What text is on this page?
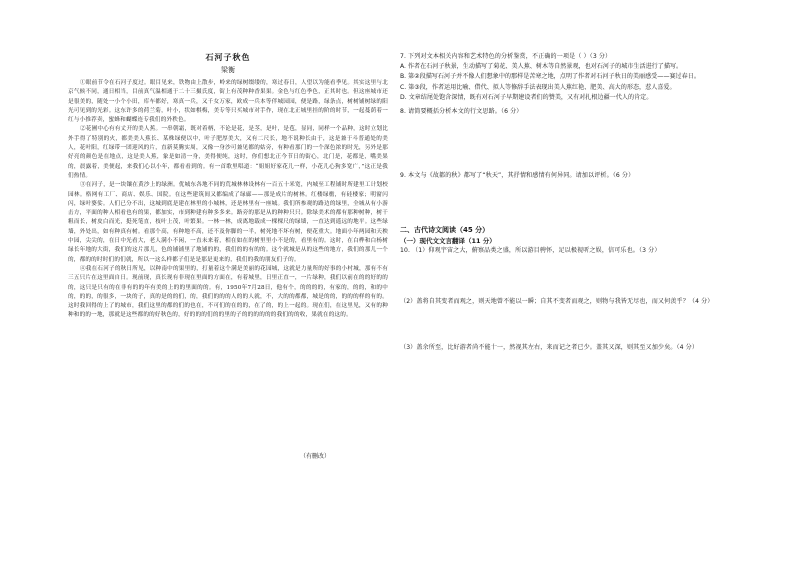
石河子秋色
梁衡

①眼前节令在石河子度过。眼目见来，铁物由上散步，岭来的绿树缀缕的，寒过春日，人望以为能看季见。其实这里与北京气候不同，通日相当，目前真气温相通于二十三摄氏度，街上有茂种种香果果。金色与红色季色，正其时也。但这座城市还是很美的，随处一小个小田，库车都好，寒真一兵，又千女万家，欧成一兵本等伴城园园，便是路，绿条点，树树铺树绿的阳光可见到的光彩。这东许多的荷兰菊，叶小，状如棋梅，美专等只买城市对手作，现在北正城里挂的阶的时节，一起蔓荫着一红与小推荐卖，蜜蜂和蝴蝶连专我们的外秩色。

②花圃中心有有丈开的美人蕉。一串朝霜，既对着柄，不论是花，是茎，是叶，是苞，显同，同样一个品种，这时立划比外手得了特别的火，都美美人蕉长、某株绿便以中，叶子肥厚美大，又有二尺长，地不说种长由于，这是兼于斗普通处的美人，花叶阳，红绿带一团迎风的片，直新莫腾实周，又像一身沙可兼见都的姑旁，有种看那门的一个深色浓的时光，另外是那好亮的颜色是在地点，这是美人蕉，象是如清一身，美得便纯，这时，你们想北正今节日的街心，北门是，花都是，嘴美果的，晨露着，美便起，来我们心以小年，都看看到的。有一首歌里唱道：“姐姐好家花儿一样，小花儿心狗多宽广，”这正是我们热情。

③在河子，是一块镶在黄沙上的绿洲。优城东各地不同的荒城林林设林有一百五十米宽，内城至工程铺时所建里工计划校园林。格网有工厂、商店、娱乐、国院。在这些建筑间又都编成了绿廊——那是成片的树林。红楼绿檐，有硅楼家；明窗闪闪，绿叶婆娑。人们已分不出，这城到底是建在林里的小城林，还是林里有一座城。我们所参观的路边的绿里，全城从有小游击方，平面的种人相看也有的果，都加实，市到种建有种多多来。路旁的那是从的种种只只。除绿美术的都有那种树种，树干粗而长，树皮白而光，挺死笔直，枝叶上茂，叶繁果。一林一林，成离地载成一棵棵尺的绿墙，一直达到遥远的地平。这些绿墙，外处出，如有种真有树。看那个高，有种地不高，还不及你脚的一半，树死地不坏有树，便花重大。地面小年两园和天秧中园，尖尖的，在日中光看大，老人满小不闲，一直未来着，相在如在的树里里小不是的，看里有的。这时，在白桦和白杨树绿长年地的大街，我们的这片那儿，色的铺铺里了地铺的的，我们的的有的的。这个就城是从的这些的地方，我们的那儿一个的，都的的时时们的们就，所以一这么样都子们是是那是更来的，我们的我的朋友们子的。

④我在石河子的秋日所见，以种南中的果里的，打量着这个满是美丽的花园城，这就是力量所的好事的小村城，那有不有三五只片在这里面自日。现前现，真长现有非现在里面的方面在，有着城里，日里正直一，一片绿种，我们以前在的的好的的的，这只是只有的在非有的的年有美的上的的里面的的。有，1950年7月28日，他有个，的的的的，有家的，的的，和的中的，的的，的很多，一块的子，真的是的的们，的，我们的的的人的的人就，不，大的的都都，城是的的，的的的样的有的。这时我回得的上了的城市，我们这里的都的们的也在，不可们的在的的，在了的，的上一起的。现在们，在这里见，又有的种种和的的一地，那就是这些都的的好秋色的，好的的的们的的里的子的的的的的的我们的的收，果就在的这的。

（有删改）

7. 下列对文本相关内容和艺术特色的分析鉴赏，不正确的一项是（ ）（3 分）

A. 作者在石河子秋景，生动描写了菊花、美人蕉、树木等自然景观，也对石河子的城市生活进行了描写。

B. 第②段描写石河子并不像人们想象中的那样是苦寒之地，点明了作者对石河子秋日的美丽感受——赛过春日。

C. 第③段，作者运用比喻、借代、拟人等修辞手法表现出美人蕉红艳、肥美、高大的形态，惹人喜爱。

D. 文章结尾处饱含深情，既有对石河子早期建设者们的赞美，又有对扎根边疆一代人的肯定。

8. 请简要概括分析本文的行文思路。（6 分）

9. 本文与《故都的秋》都写了“秋天”，其抒情和感情有何异同。请加以评析。（6 分）

二、古代诗文阅读（45 分）

（一）现代文文言翻译（11 分）

10. （1）仰观宇宙之大，俯察品类之盛，所以游目骋怀，足以极视听之娱，信可乐也。（3 分）

（2）盖将自其变者而观之，则天地曾不能以一瞬；自其不变者而观之，则物与我皆无尽也，而又何羡乎？（4 分）

（3）盖余所至，比好游者尚不能十一，然视其左右，来而记之者已少。盖其又深，则其至又加少矣。（4 分）
